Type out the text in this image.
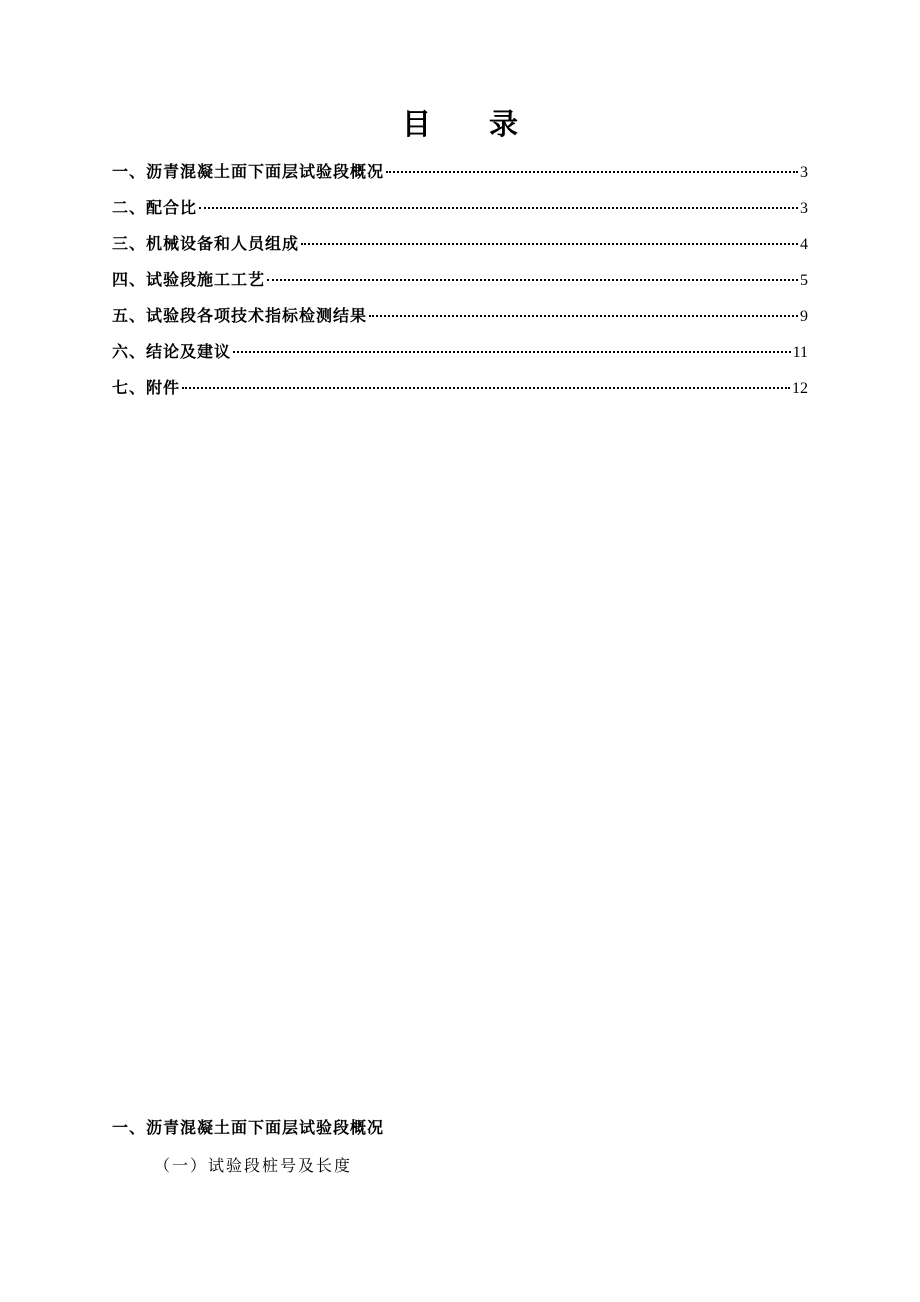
目 录
一、沥青混凝土面下面层试验段概况	3
二、配合比	3
三、机械设备和人员组成	4
四、试验段施工工艺	5
五、试验段各项技术指标检测结果	9
六、结论及建议	11
七、附件	12
一、沥青混凝土面下面层试验段概况
（一）试验段桩号及长度
